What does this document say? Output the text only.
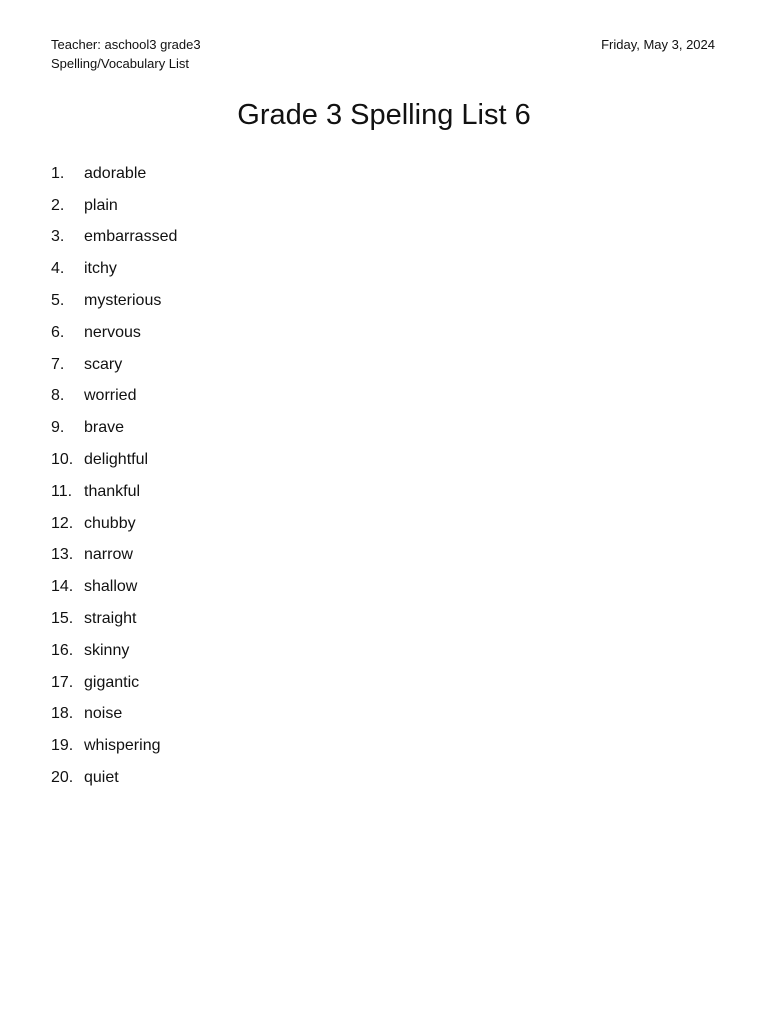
Teacher: aschool3 grade3
Spelling/Vocabulary List
Friday, May 3, 2024
Grade 3 Spelling List 6
1.	adorable
2.	plain
3.	embarrassed
4.	itchy
5.	mysterious
6.	nervous
7.	scary
8.	worried
9.	brave
10. delightful
11. thankful
12. chubby
13. narrow
14. shallow
15. straight
16. skinny
17. gigantic
18. noise
19. whispering
20. quiet
